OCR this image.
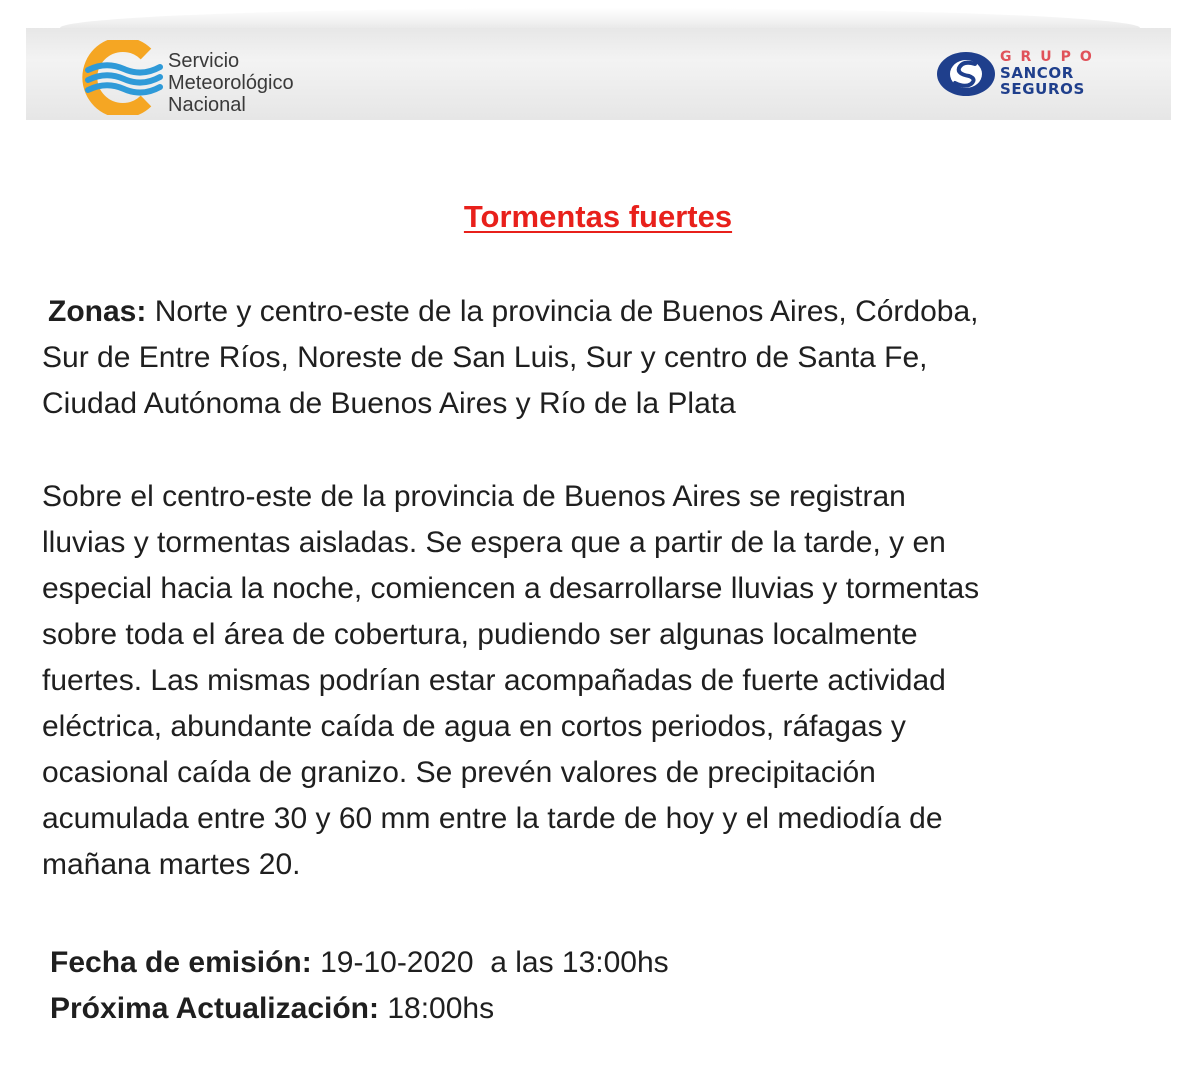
Servicio
Meteorológico
Nacional
GRUPO
SANCOR
SEGUROS
Tormentas fuertes
 Zonas: Norte y centro-este de la provincia de Buenos Aires, Córdoba,
Sur de Entre Ríos, Noreste de San Luis, Sur y centro de Santa Fe,
Ciudad Autónoma de Buenos Aires y Río de la Plata
Sobre el centro-este de la provincia de Buenos Aires se registran
lluvias y tormentas aisladas. Se espera que a partir de la tarde, y en
especial hacia la noche, comiencen a desarrollarse lluvias y tormentas
sobre toda el área de cobertura, pudiendo ser algunas localmente
fuertes. Las mismas podrían estar acompañadas de fuerte actividad
eléctrica, abundante caída de agua en cortos periodos, ráfagas y
ocasional caída de granizo. Se prevén valores de precipitación
acumulada entre 30 y 60 mm entre la tarde de hoy y el mediodía de
mañana martes 20.
Fecha de emisión: 19-10-2020  a las 13:00hs
Próxima Actualización: 18:00hs
